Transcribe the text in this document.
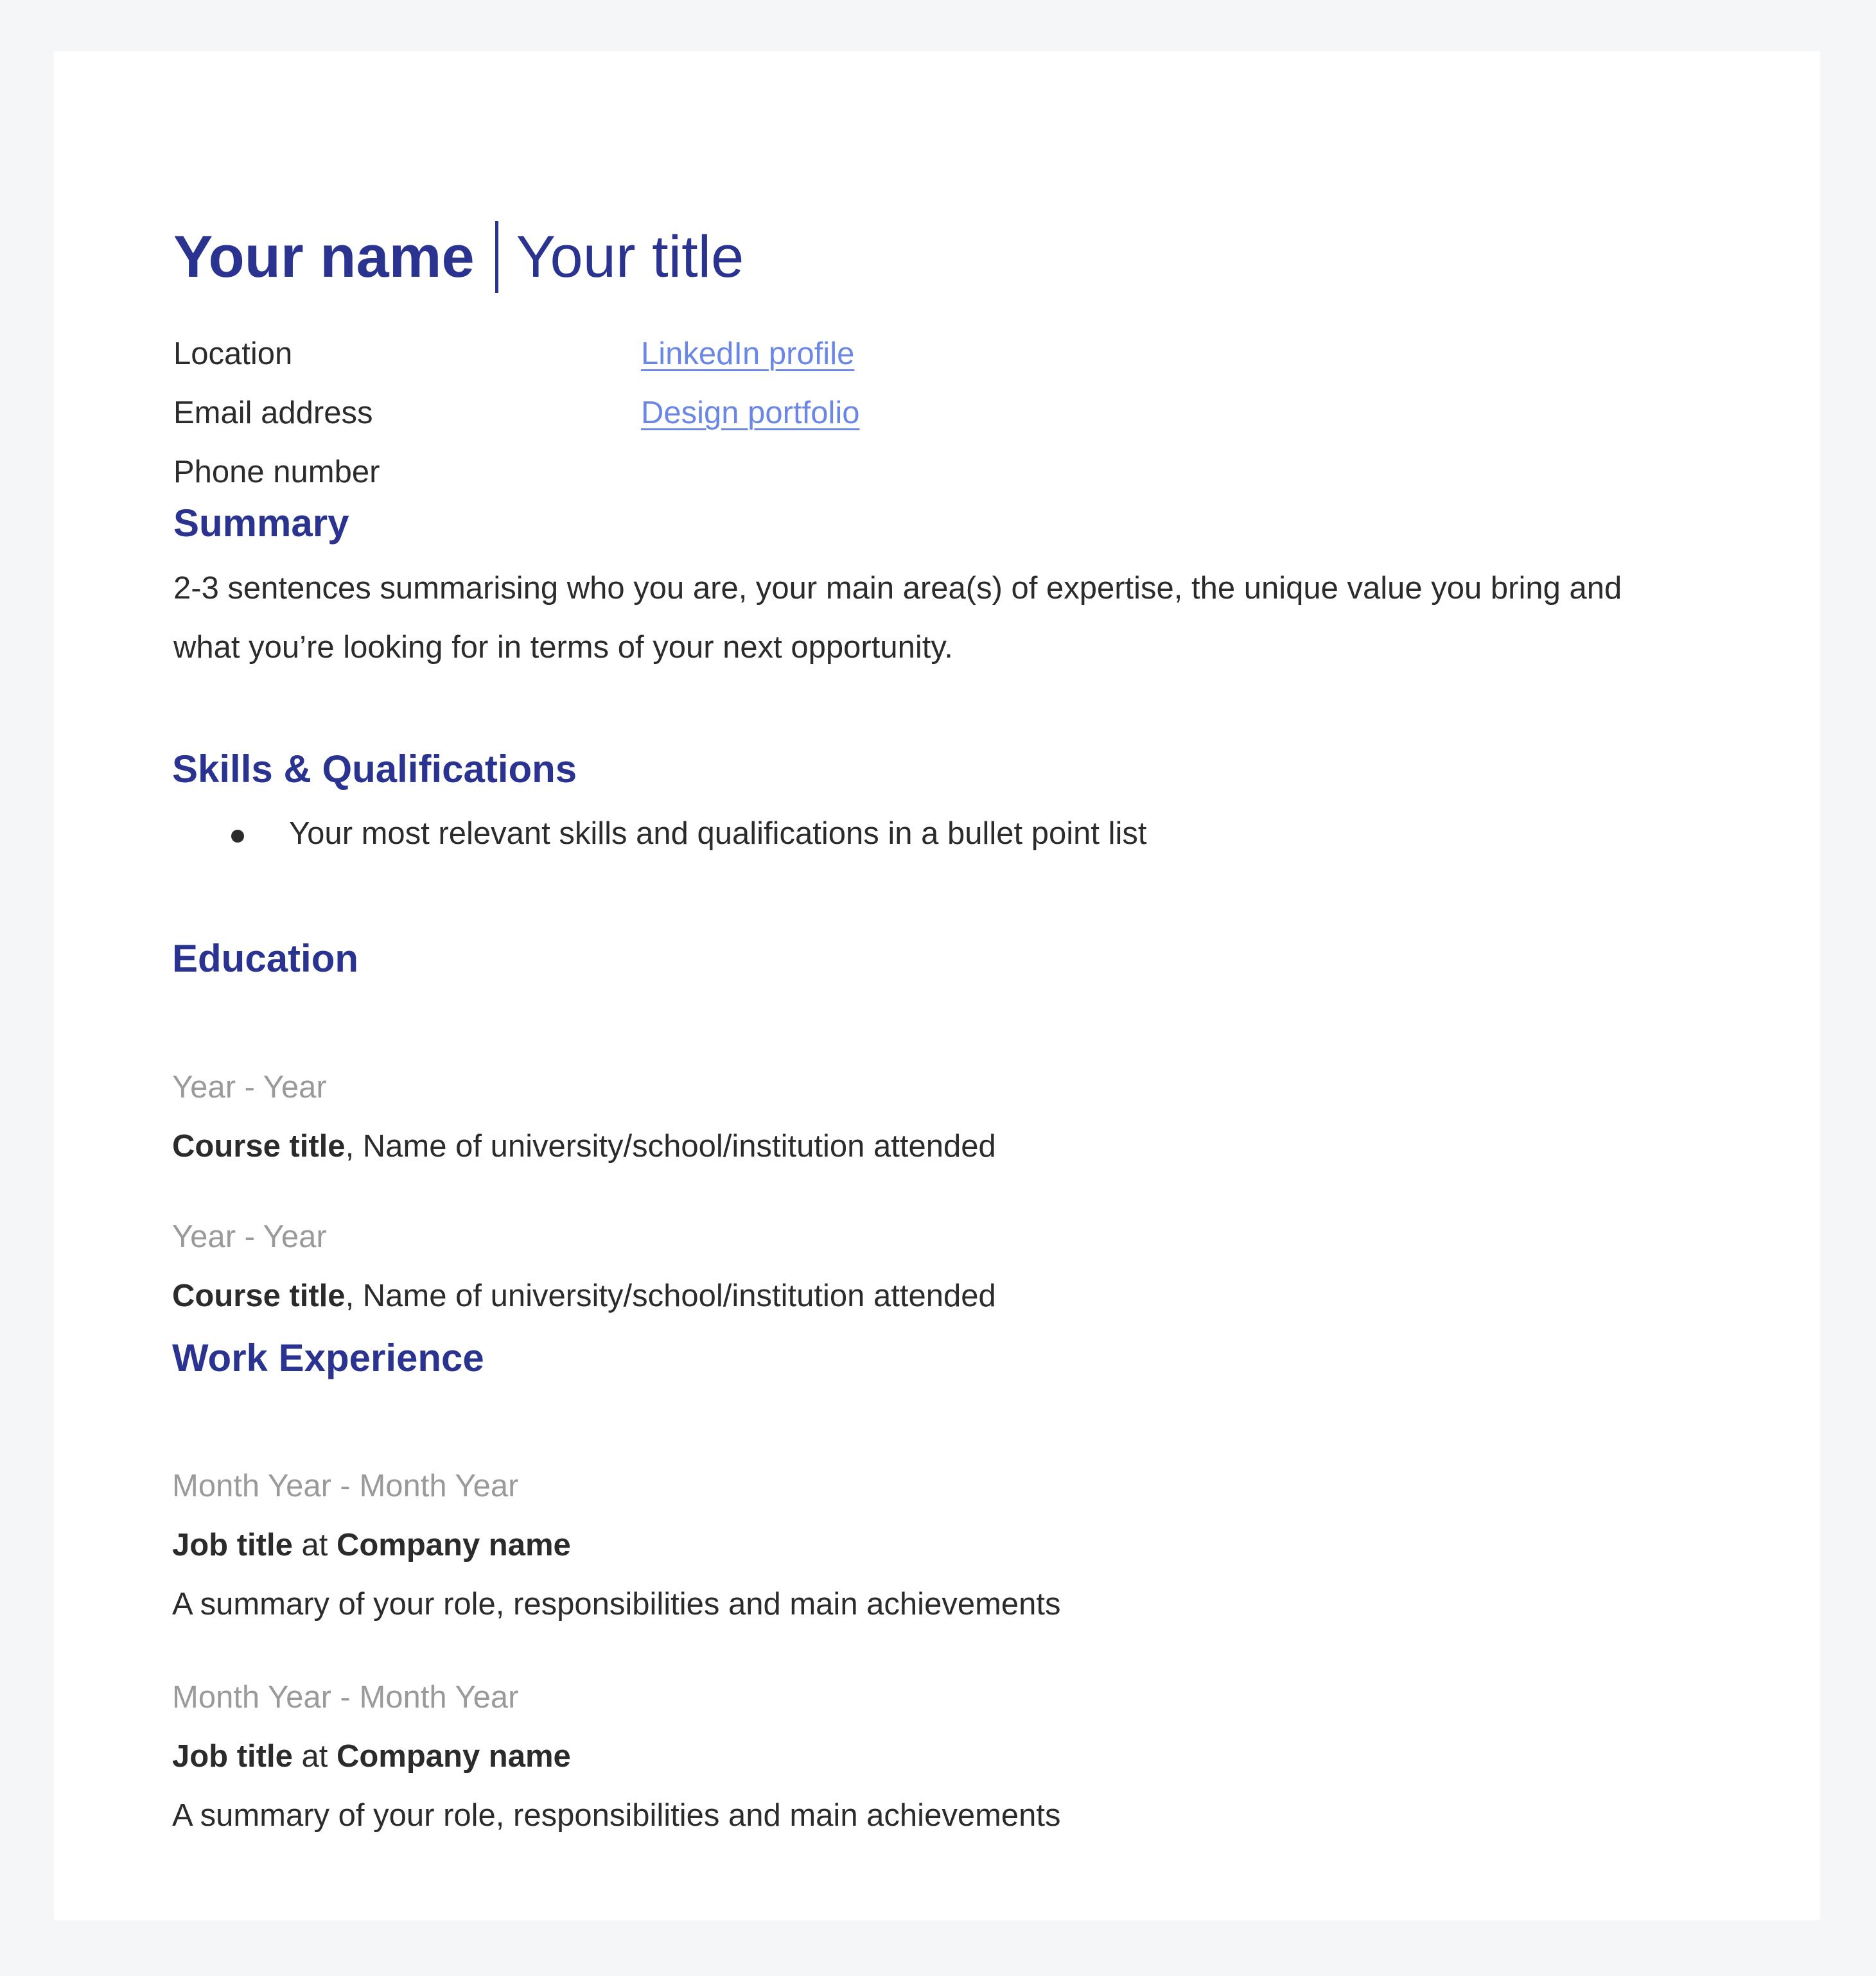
Your name Your title
Location
Email address
Phone number
LinkedIn profile
Design portfolio
Summary
2-3 sentences summarising who you are, your main area(s) of expertise, the unique value you bring and what you’re looking for in terms of your next opportunity.
Skills & Qualifications
Your most relevant skills and qualifications in a bullet point list
Education
Year - Year
Course title, Name of university/school/institution attended
Year - Year
Course title, Name of university/school/institution attended
Work Experience
Month Year - Month Year
Job title at Company name
A summary of your role, responsibilities and main achievements
Month Year - Month Year
Job title at Company name
A summary of your role, responsibilities and main achievements
